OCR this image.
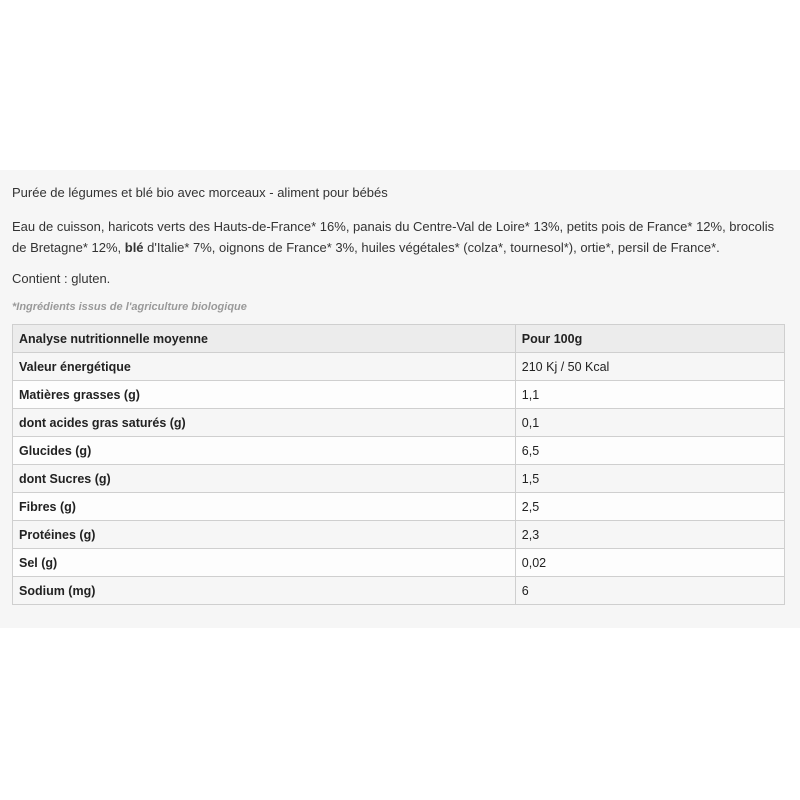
Purée de légumes et blé bio avec morceaux - aliment pour bébés

Eau de cuisson, haricots verts des Hauts-de-France* 16%, panais du Centre-Val de Loire* 13%, petits pois de France* 12%, brocolis de Bretagne* 12%, blé d'Italie* 7%, oignons de France* 3%, huiles végétales* (colza*, tournesol*), ortie*, persil de France*.

Contient : gluten.

*Ingrédients issus de l'agriculture biologique

Analyse nutritionnelle moyenne	Pour 100g
Valeur énergétique	210 Kj / 50 Kcal
Matières grasses (g)	1,1
dont acides gras saturés (g)	0,1
Glucides (g)	6,5
dont Sucres (g)	1,5
Fibres (g)	2,5
Protéines (g)	2,3
Sel (g)	0,02
Sodium (mg)	6
